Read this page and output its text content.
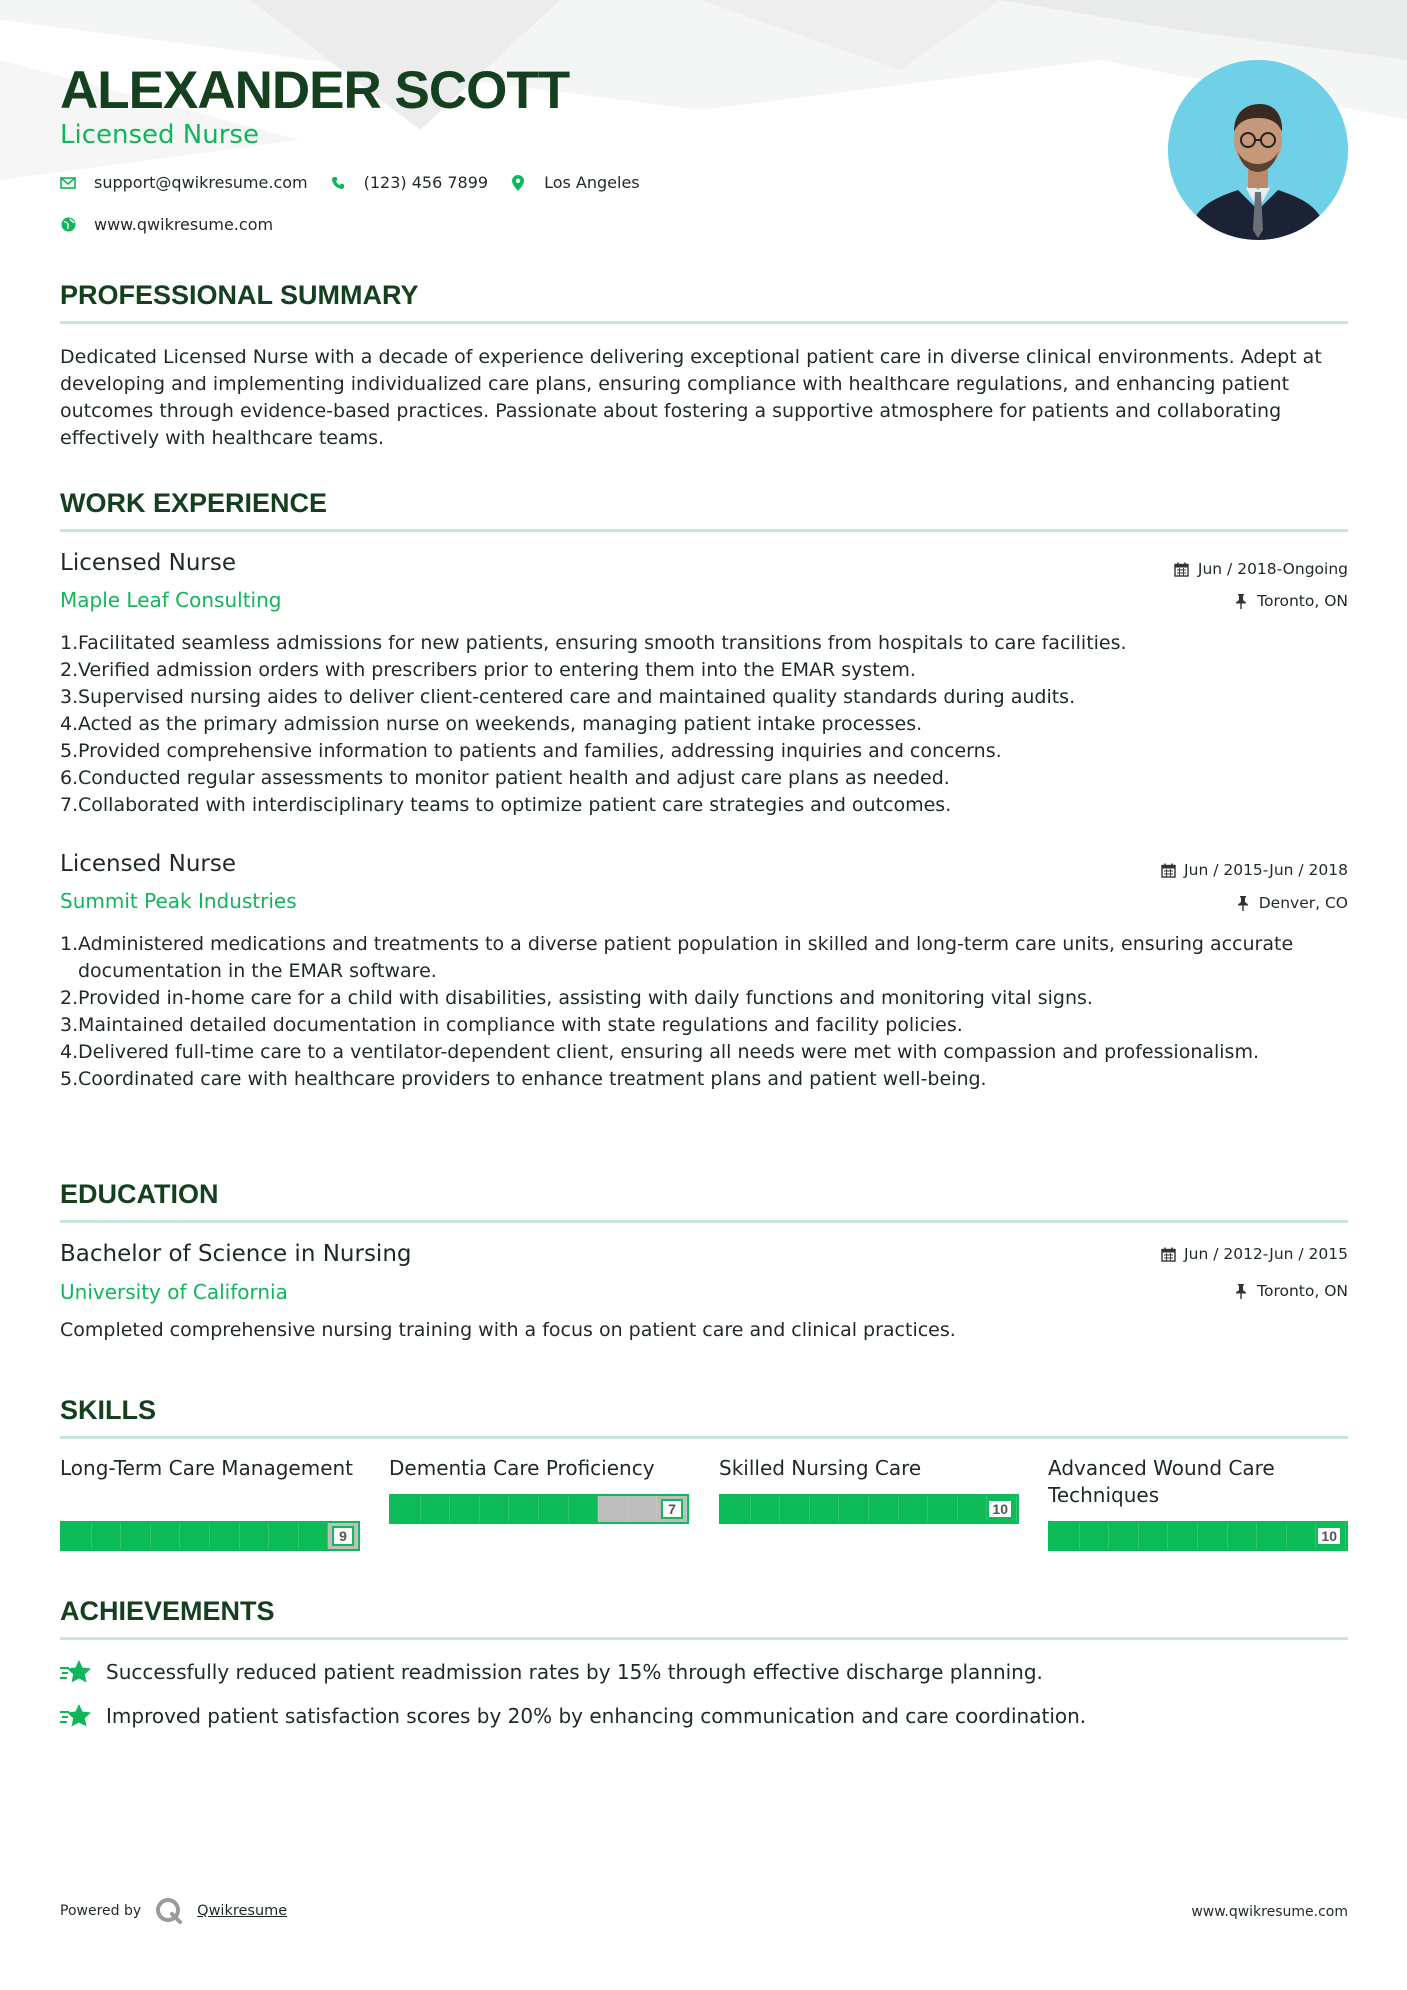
ALEXANDER SCOTT
Licensed Nurse
support@qwikresume.com	(123) 456 7899	Los Angeles
www.qwikresume.com
PROFESSIONAL SUMMARY
Dedicated Licensed Nurse with a decade of experience delivering exceptional patient care in diverse clinical environments. Adept at developing and implementing individualized care plans, ensuring compliance with healthcare regulations, and enhancing patient outcomes through evidence-based practices. Passionate about fostering a supportive atmosphere for patients and collaborating effectively with healthcare teams.
WORK EXPERIENCE
Licensed Nurse
Maple Leaf Consulting
Jun / 2018-Ongoing
Toronto, ON
1. Facilitated seamless admissions for new patients, ensuring smooth transitions from hospitals to care facilities.
2. Verified admission orders with prescribers prior to entering them into the EMAR system.
3. Supervised nursing aides to deliver client-centered care and maintained quality standards during audits.
4. Acted as the primary admission nurse on weekends, managing patient intake processes.
5. Provided comprehensive information to patients and families, addressing inquiries and concerns.
6. Conducted regular assessments to monitor patient health and adjust care plans as needed.
7. Collaborated with interdisciplinary teams to optimize patient care strategies and outcomes.
Licensed Nurse
Summit Peak Industries
Jun / 2015-Jun / 2018
Denver, CO
1. Administered medications and treatments to a diverse patient population in skilled and long-term care units, ensuring accurate documentation in the EMAR software.
2. Provided in-home care for a child with disabilities, assisting with daily functions and monitoring vital signs.
3. Maintained detailed documentation in compliance with state regulations and facility policies.
4. Delivered full-time care to a ventilator-dependent client, ensuring all needs were met with compassion and professionalism.
5. Coordinated care with healthcare providers to enhance treatment plans and patient well-being.
EDUCATION
Bachelor of Science in Nursing
University of California
Jun / 2012-Jun / 2015
Toronto, ON
Completed comprehensive nursing training with a focus on patient care and clinical practices.
SKILLS
Long-Term Care Management
9
Dementia Care Proficiency
7
Skilled Nursing Care
10
Advanced Wound Care Techniques
10
ACHIEVEMENTS
Successfully reduced patient readmission rates by 15% through effective discharge planning.
Improved patient satisfaction scores by 20% by enhancing communication and care coordination.
Powered by	Qwikresume	www.qwikresume.com
